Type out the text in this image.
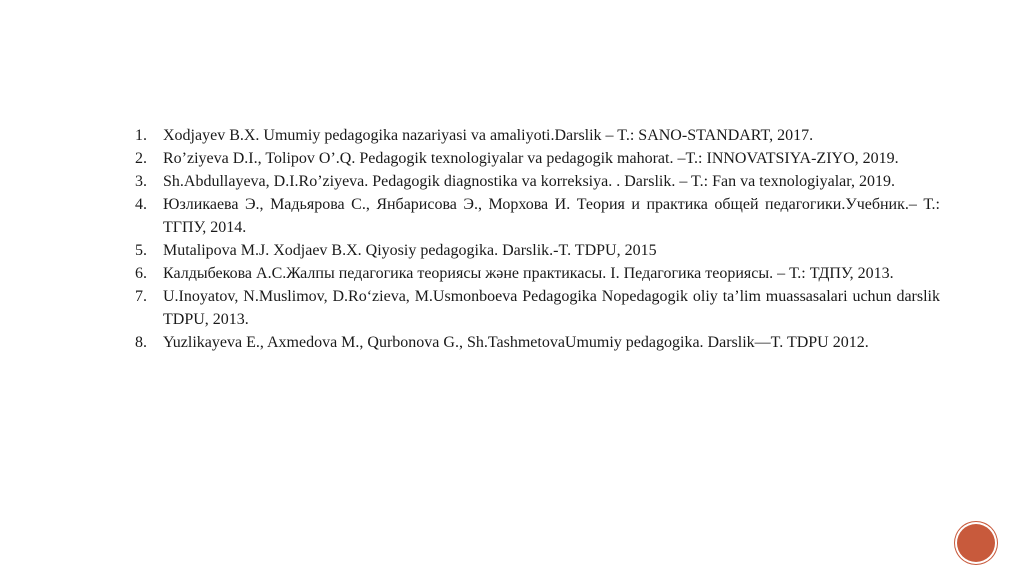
1. Xodjayev B.X. Umumiy pedagogika nazariyasi va amaliyoti.Darslik – T.: SANO-STANDART, 2017.
2. Ro’ziyeva D.I., Tolipov O’.Q. Pedagogik texnologiyalar va pedagogik mahorat. –T.: INNOVATSIYA-ZIYO, 2019.
3. Sh.Abdullayeva, D.I.Ro’ziyeva. Pedagogik diagnostika va korreksiya. . Darslik. – T.: Fan va texnologiyalar, 2019.
4. Юзликаева Э., Мадьярова С., Янбарисова Э., Морхова И. Теория и практика общей педагогики.Учебник.– Т.: ТГПУ, 2014.
5. Mutalipova M.J. Xodjaev B.X. Qiyosiy pedagogika. Darslik.-T. TDPU, 2015
6. Калдыбекова А.С.Жалпы педагогика теориясы және практикасы. I. Педагогика теориясы. – Т.: ТДПУ, 2013.
7. U.Inoyatov, N.Muslimov, D.Ro‘zieva, M.Usmonboeva Pedagogika Nopedagogik oliy ta’lim muassasalari uchun darslik TDPU, 2013.
8. Yuzlikayeva E., Axmedova M., Qurbonova G., Sh.TashmetovaUmumiy pedagogika. Darslik—T. TDPU 2012.
